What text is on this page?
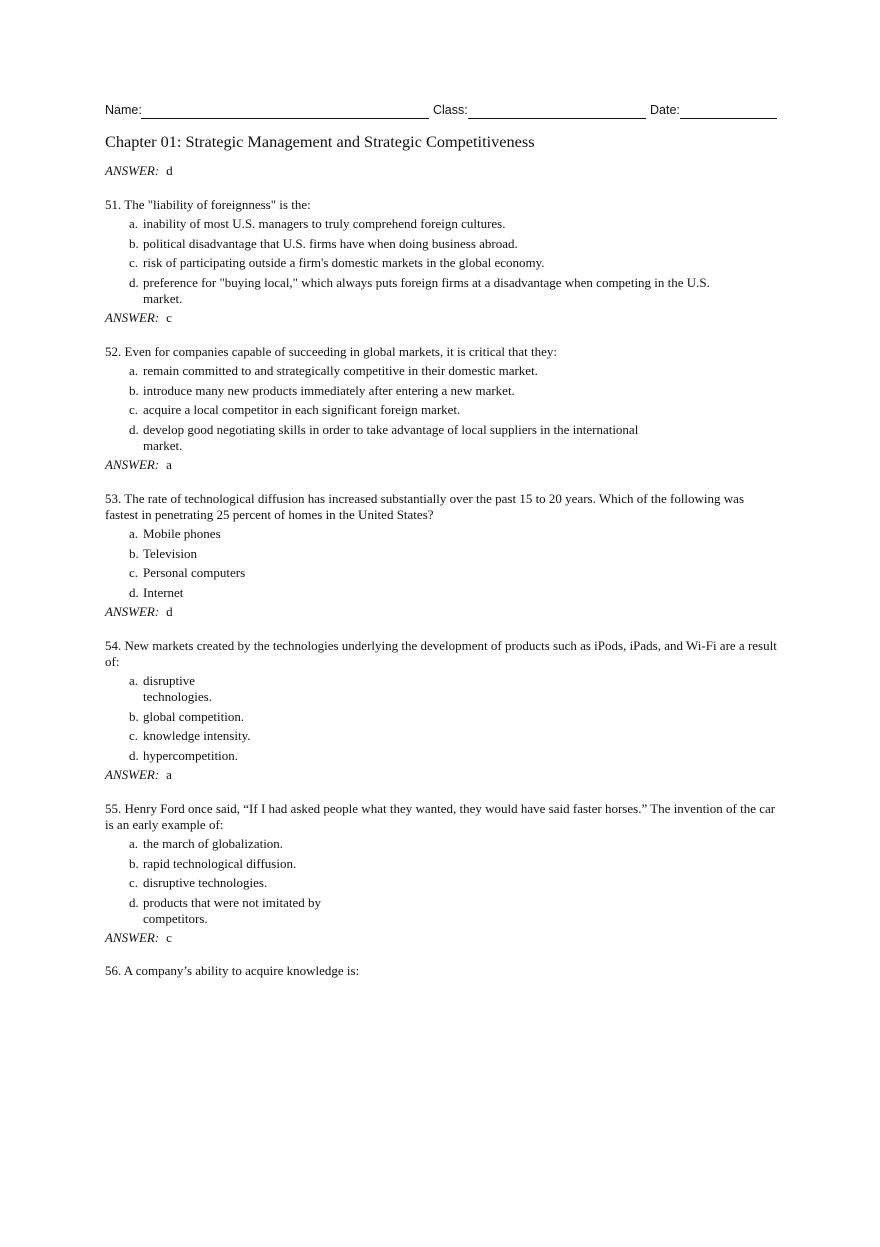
Name:	Class:	Date:
Chapter 01: Strategic Management and Strategic Competitiveness
ANSWER: d
51. The "liability of foreignness" is the:
a. inability of most U.S. managers to truly comprehend foreign cultures.
b. political disadvantage that U.S. firms have when doing business abroad.
c. risk of participating outside a firm's domestic markets in the global economy.
d. preference for "buying local," which always puts foreign firms at a disadvantage when competing in the U.S. market.
ANSWER: c
52. Even for companies capable of succeeding in global markets, it is critical that they:
a. remain committed to and strategically competitive in their domestic market.
b. introduce many new products immediately after entering a new market.
c. acquire a local competitor in each significant foreign market.
d. develop good negotiating skills in order to take advantage of local suppliers in the international market.
ANSWER: a
53. The rate of technological diffusion has increased substantially over the past 15 to 20 years. Which of the following was fastest in penetrating 25 percent of homes in the United States?
a. Mobile phones
b. Television
c. Personal computers
d. Internet
ANSWER: d
54. New markets created by the technologies underlying the development of products such as iPods, iPads, and Wi-Fi are a result of:
a. disruptive technologies.
b. global competition.
c. knowledge intensity.
d. hypercompetition.
ANSWER: a
55. Henry Ford once said, “If I had asked people what they wanted, they would have said faster horses.” The invention of the car is an early example of:
a. the march of globalization.
b. rapid technological diffusion.
c. disruptive technologies.
d. products that were not imitated by competitors.
ANSWER: c
56. A company’s ability to acquire knowledge is:
